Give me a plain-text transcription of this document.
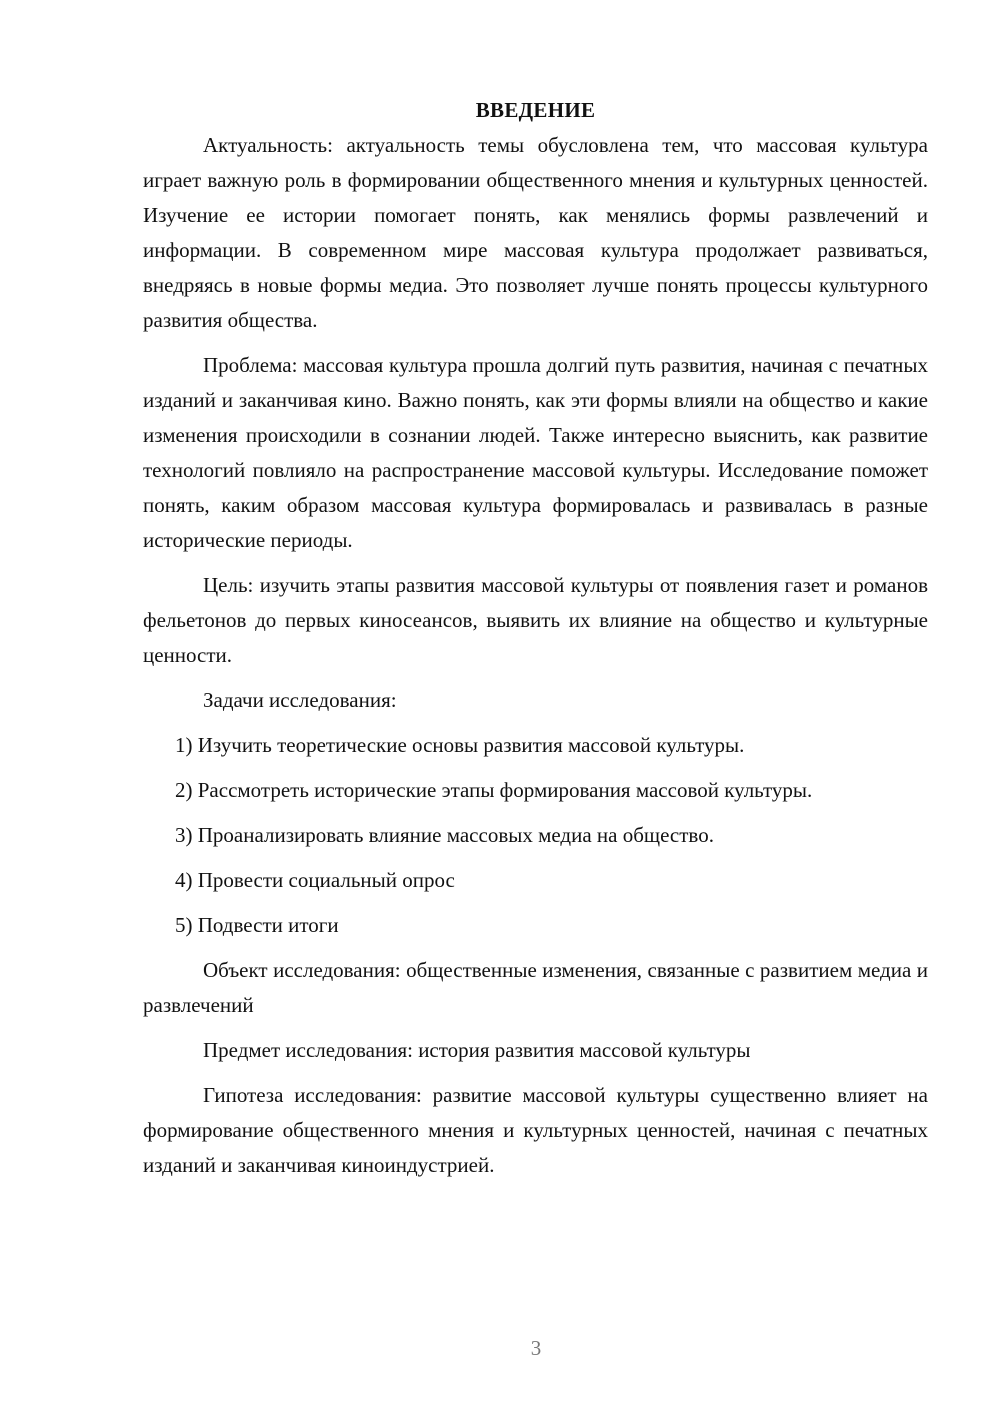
ВВЕДЕНИЕ

Актуальность: актуальность темы обусловлена тем, что массовая культура играет важную роль в формировании общественного мнения и культурных ценностей. Изучение ее истории помогает понять, как менялись формы развлечений и информации. В современном мире массовая культура продолжает развиваться, внедряясь в новые формы медиа. Это позволяет лучше понять процессы культурного развития общества.

Проблема: массовая культура прошла долгий путь развития, начиная с печатных изданий и заканчивая кино. Важно понять, как эти формы влияли на общество и какие изменения происходили в сознании людей. Также интересно выяснить, как развитие технологий повлияло на распространение массовой культуры. Исследование поможет понять, каким образом массовая культура формировалась и развивалась в разные исторические периоды.

Цель: изучить этапы развития массовой культуры от появления газет и романов фельетонов до первых киносеансов, выявить их влияние на общество и культурные ценности.

Задачи исследования:

1) Изучить теоретические основы развития массовой культуры.

2) Рассмотреть исторические этапы формирования массовой культуры.

3) Проанализировать влияние массовых медиа на общество.

4) Провести социальный опрос

5) Подвести итоги

Объект исследования: общественные изменения, связанные с развитием медиа и развлечений

Предмет исследования: история развития массовой культуры

Гипотеза исследования: развитие массовой культуры существенно влияет на формирование общественного мнения и культурных ценностей, начиная с печатных изданий и заканчивая киноиндустрией.

3
